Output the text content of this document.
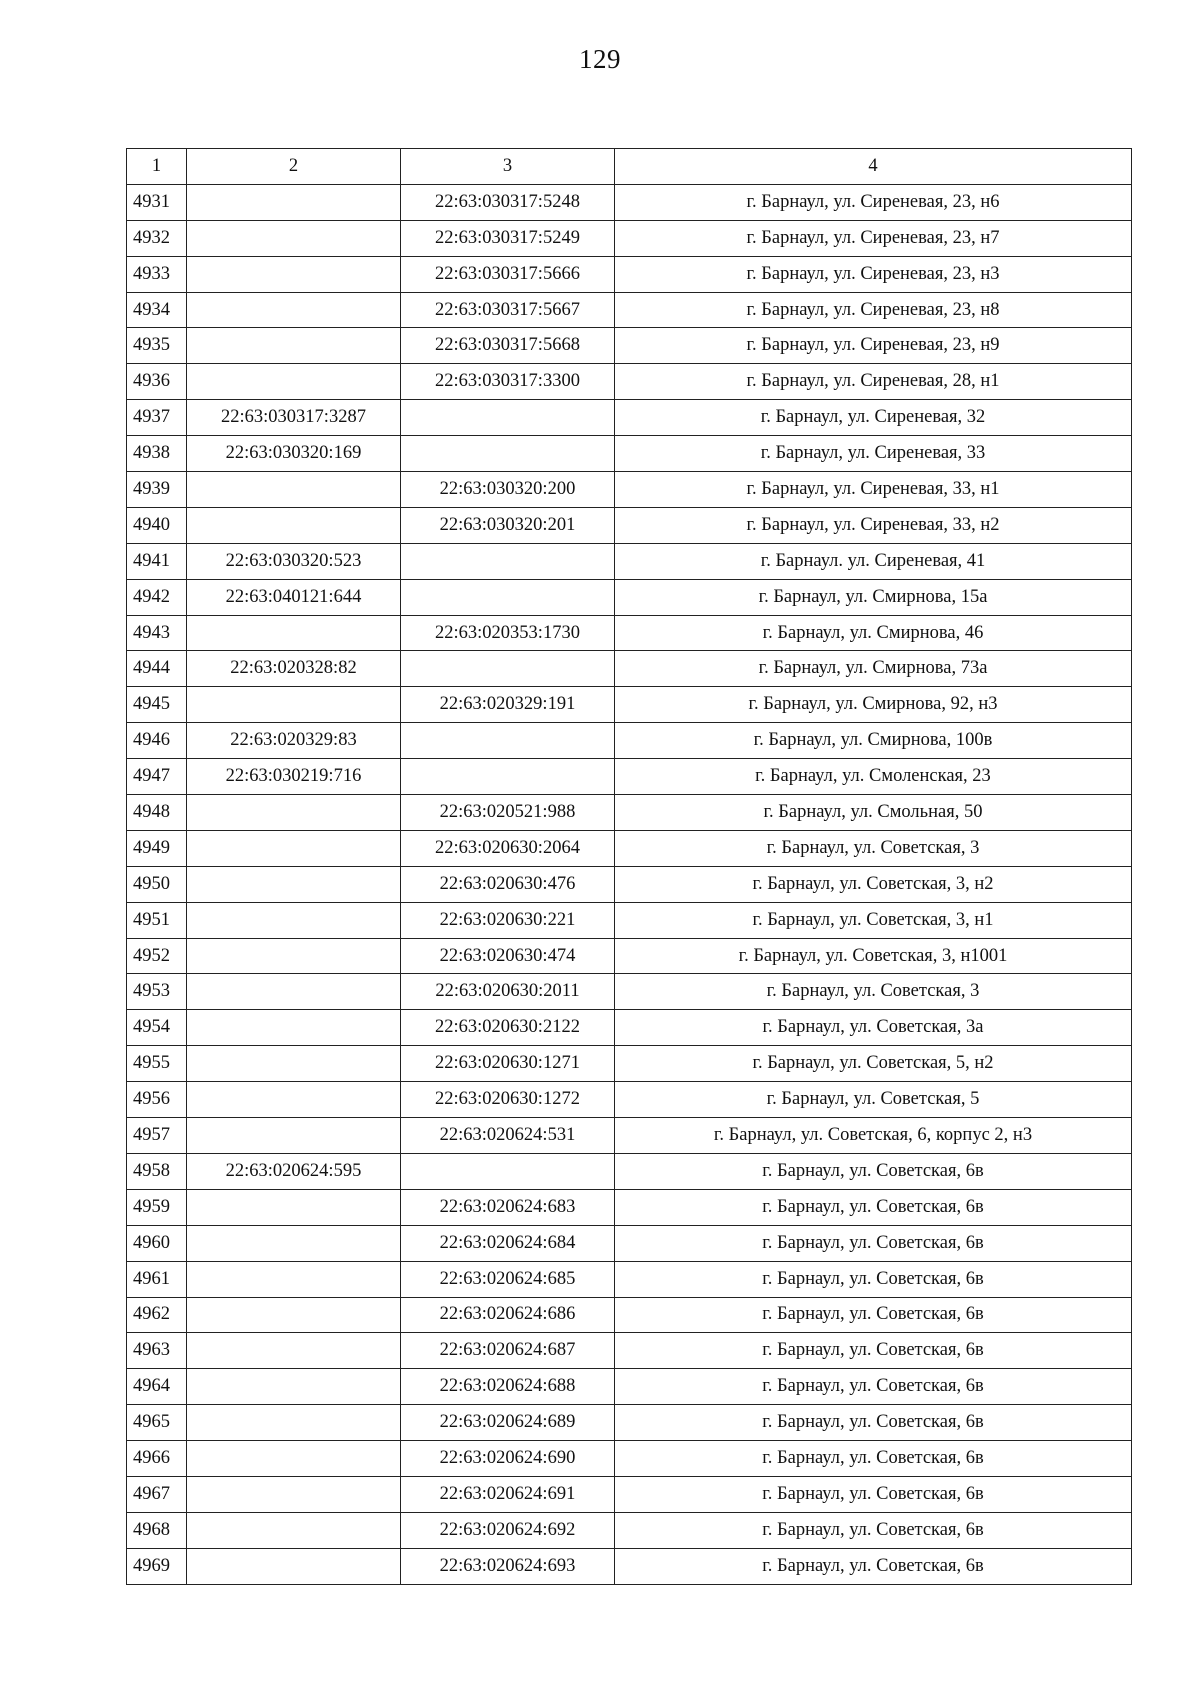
129
1	2	3	4
4931		22:63:030317:5248	г. Барнаул, ул. Сиреневая, 23, н6
4932		22:63:030317:5249	г. Барнаул, ул. Сиреневая, 23, н7
4933		22:63:030317:5666	г. Барнаул, ул. Сиреневая, 23, н3
4934		22:63:030317:5667	г. Барнаул, ул. Сиреневая, 23, н8
4935		22:63:030317:5668	г. Барнаул, ул. Сиреневая, 23, н9
4936		22:63:030317:3300	г. Барнаул, ул. Сиреневая, 28, н1
4937	22:63:030317:3287		г. Барнаул, ул. Сиреневая, 32
4938	22:63:030320:169		г. Барнаул, ул. Сиреневая, 33
4939		22:63:030320:200	г. Барнаул, ул. Сиреневая, 33, н1
4940		22:63:030320:201	г. Барнаул, ул. Сиреневая, 33, н2
4941	22:63:030320:523		г. Барнаул. ул. Сиреневая, 41
4942	22:63:040121:644		г. Барнаул, ул. Смирнова, 15а
4943		22:63:020353:1730	г. Барнаул, ул. Смирнова, 46
4944	22:63:020328:82		г. Барнаул, ул. Смирнова, 73а
4945		22:63:020329:191	г. Барнаул, ул. Смирнова, 92, н3
4946	22:63:020329:83		г. Барнаул, ул. Смирнова, 100в
4947	22:63:030219:716		г. Барнаул, ул. Смоленская, 23
4948		22:63:020521:988	г. Барнаул, ул. Смольная, 50
4949		22:63:020630:2064	г. Барнаул, ул. Советская, 3
4950		22:63:020630:476	г. Барнаул, ул. Советская, 3, н2
4951		22:63:020630:221	г. Барнаул, ул. Советская, 3, н1
4952		22:63:020630:474	г. Барнаул, ул. Советская, 3, н1001
4953		22:63:020630:2011	г. Барнаул, ул. Советская, 3
4954		22:63:020630:2122	г. Барнаул, ул. Советская, 3а
4955		22:63:020630:1271	г. Барнаул, ул. Советская, 5, н2
4956		22:63:020630:1272	г. Барнаул, ул. Советская, 5
4957		22:63:020624:531	г. Барнаул, ул. Советская, 6, корпус 2, н3
4958	22:63:020624:595		г. Барнаул, ул. Советская, 6в
4959		22:63:020624:683	г. Барнаул, ул. Советская, 6в
4960		22:63:020624:684	г. Барнаул, ул. Советская, 6в
4961		22:63:020624:685	г. Барнаул, ул. Советская, 6в
4962		22:63:020624:686	г. Барнаул, ул. Советская, 6в
4963		22:63:020624:687	г. Барнаул, ул. Советская, 6в
4964		22:63:020624:688	г. Барнаул, ул. Советская, 6в
4965		22:63:020624:689	г. Барнаул, ул. Советская, 6в
4966		22:63:020624:690	г. Барнаул, ул. Советская, 6в
4967		22:63:020624:691	г. Барнаул, ул. Советская, 6в
4968		22:63:020624:692	г. Барнаул, ул. Советская, 6в
4969		22:63:020624:693	г. Барнаул, ул. Советская, 6в
